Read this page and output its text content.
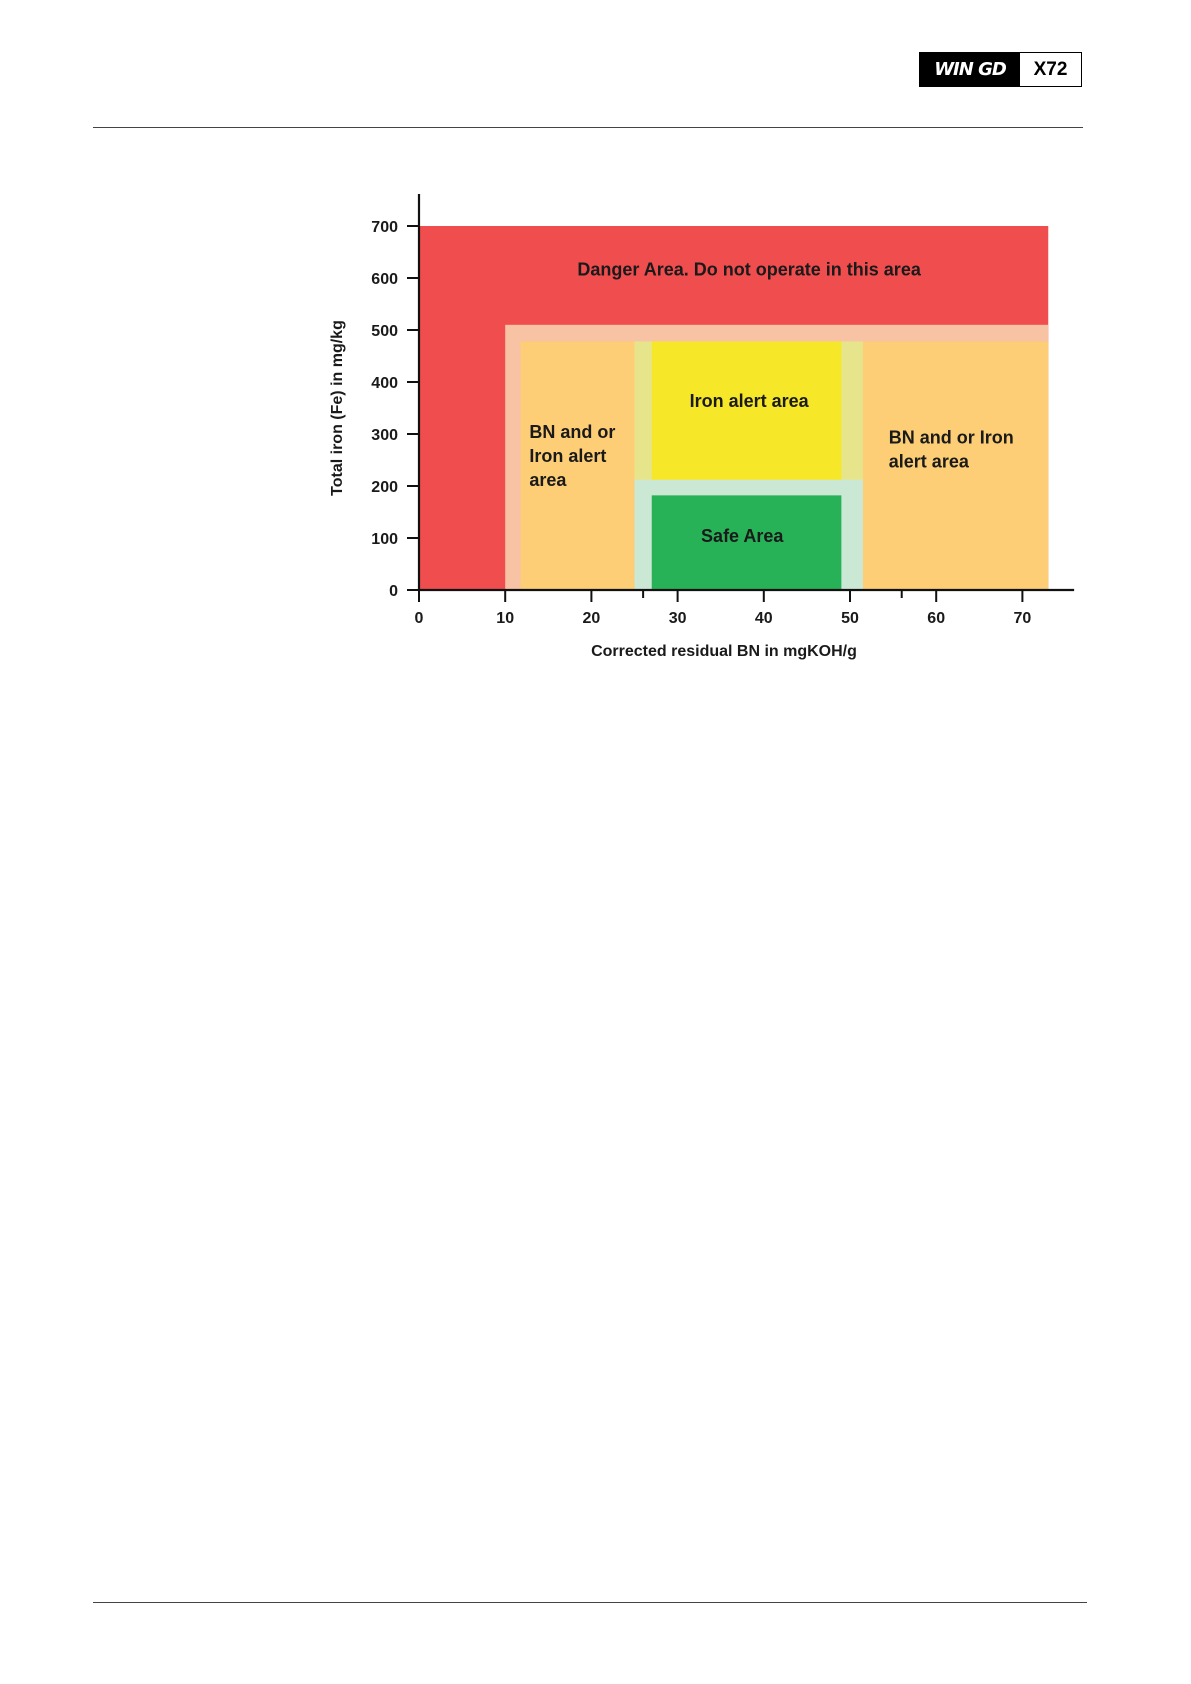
WIN GD	X72
0
100
200
300
400
500
600
700
0	10	20	30	40	50	60	70
Danger Area. Do not operate in this area
BN and or Iron alert area
Iron alert area
BN and or Iron alert area
Safe Area
Corrected residual BN in mgKOH/g
Total iron (Fe) in mg/kg
